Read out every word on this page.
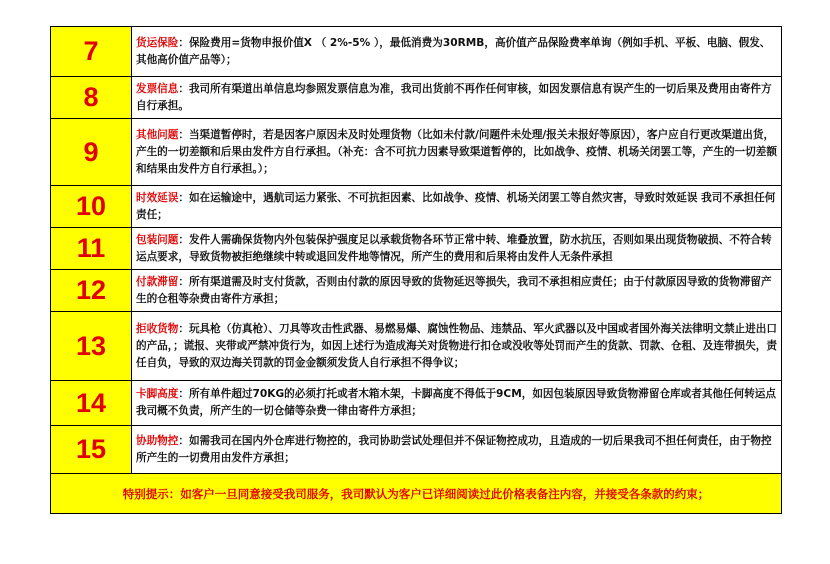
7	货运保险：保险费用=货物申报价值X （ 2%-5% ），最低消费为30RMB，高价值产品保险费率单询（例如手机、平板、电脑、假发、其他高价值产品等）；
8	发票信息：我司所有渠道出单信息均参照发票信息为准，我司出货前不再作任何审核，如因发票信息有误产生的一切后果及费用由寄件方自行承担。
9	其他问题：当渠道暂停时，若是因客户原因未及时处理货物（比如未付款/问题件未处理/报关未报好等原因），客户应自行更改渠道出货，产生的一切差额和后果由发件方自行承担。（补充：含不可抗力因素导致渠道暂停的，比如战争、疫情、机场关闭罢工等，产生的一切差额和结果由发件方自行承担。）；
10	时效延误：如在运输途中，遇航司运力紧张、不可抗拒因素、比如战争、疫情、机场关闭罢工等自然灾害，导致时效延误 我司不承担任何责任；
11	包装问题：发件人需确保货物内外包装保护强度足以承载货物各环节正常中转、堆叠放置，防水抗压，否则如果出现货物破损、不符合转运点要求，导致货物被拒绝继续中转或退回发件地等情况，所产生的费用和后果将由发件人无条件承担
12	付款滞留：所有渠道需及时支付货款，否则由付款的原因导致的货物延迟等损失，我司不承担相应责任；由于付款原因导致的货物滞留产生的仓租等杂费由寄件方承担；
13	拒收货物：玩具枪（仿真枪）、刀具等攻击性武器、易燃易爆、腐蚀性物品、违禁品、军火武器以及中国或者国外海关法律明文禁止进出口的产品，；谎报、夹带或严禁冲货行为，如因上述行为造成海关对货物进行扣仓或没收等处罚而产生的货款、罚款、仓租、及连带损失，责任自负，导致的双边海关罚款的罚金金额须发货人自行承担不得争议；
14	卡脚高度：所有单件超过70KG的必须打托或者木箱木架，卡脚高度不得低于9CM，如因包装原因导致货物滞留仓库或者其他任何转运点我司概不负责，所产生的一切仓储等杂费一律由寄件方承担；
15	协助物控：如需我司在国内外仓库进行物控的，我司协助尝试处理但并不保证物控成功，且造成的一切后果我司不担任何责任，由于物控所产生的一切费用由发件方承担；
特别提示：如客户一旦同意接受我司服务，我司默认为客户已详细阅读过此价格表备注内容，并接受各条款的约束；	
